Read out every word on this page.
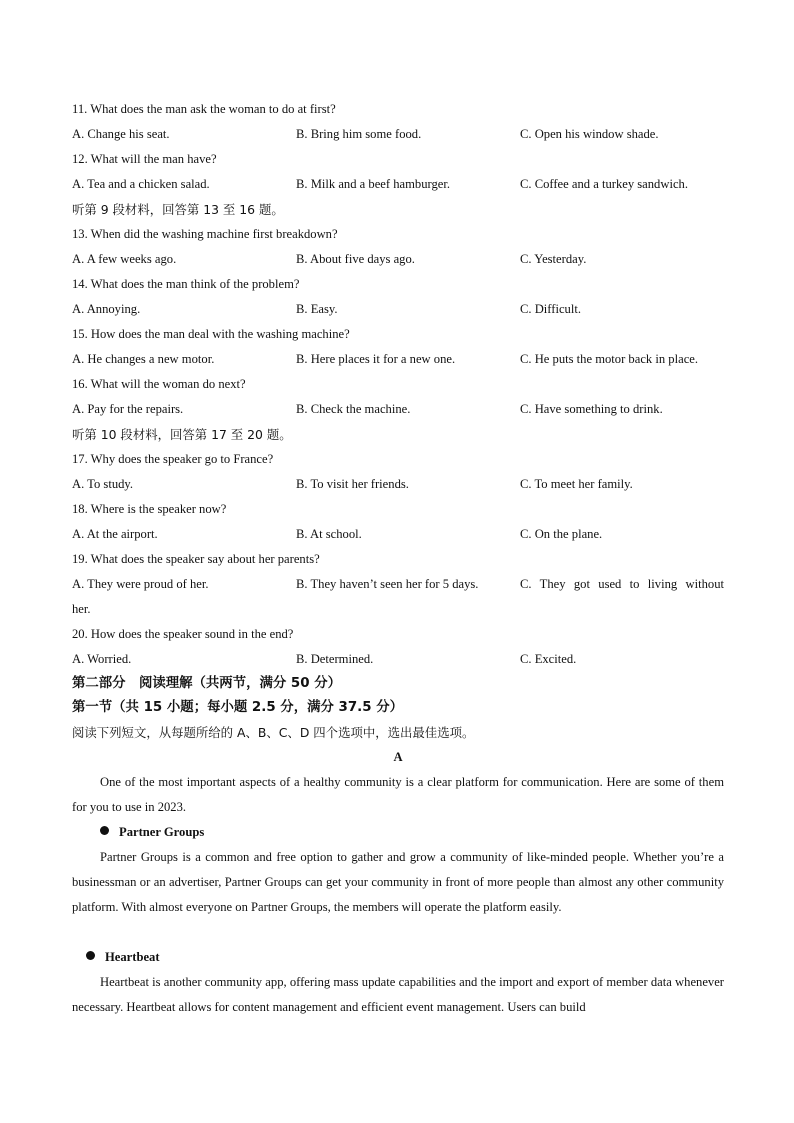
11. What does the man ask the woman to do at first?
A. Change his seat.	B. Bring him some food.	C. Open his window shade.
12. What will the man have?
A. Tea and a chicken salad.	B. Milk and a beef hamburger.	C. Coffee and a turkey sandwich.
听第 9 段材料，回答第 13 至 16 题。
13. When did the washing machine first breakdown?
A. A few weeks ago.	B. About five days ago.	C. Yesterday.
14. What does the man think of the problem?
A. Annoying.	B. Easy.	C. Difficult.
15. How does the man deal with the washing machine?
A. He changes a new motor.	B. Here places it for a new one.	C. He puts the motor back in place.
16. What will the woman do next?
A. Pay for the repairs.	B. Check the machine.	C. Have something to drink.
听第 10 段材料，回答第 17 至 20 题。
17. Why does the speaker go to France?
A. To study.	B. To visit her friends.	C. To meet her family.
18. Where is the speaker now?
A. At the airport.	B. At school.	C. On the plane.
19. What does the speaker say about her parents?
A. They were proud of her.	B. They haven’t seen her for 5 days.	C. They got used to living without
her.
20. How does the speaker sound in the end?
A. Worried.	B. Determined.	C. Excited.
第二部分　阅读理解（共两节，满分 50 分）
第一节（共 15 小题；每小题 2.5 分，满分 37.5 分）
阅读下列短文，从每题所给的 A、B、C、D 四个选项中，选出最佳选项。
A
One of the most important aspects of a healthy community is a clear platform for communication. Here are some of them for you to use in 2023.
Partner Groups
Partner Groups is a common and free option to gather and grow a community of like-minded people. Whether you’re a businessman or an advertiser, Partner Groups can get your community in front of more people than almost any other community platform. With almost everyone on Partner Groups, the members will operate the platform easily.
Heartbeat
Heartbeat is another community app, offering mass update capabilities and the import and export of member data whenever necessary. Heartbeat allows for content management and efficient event management. Users can build
